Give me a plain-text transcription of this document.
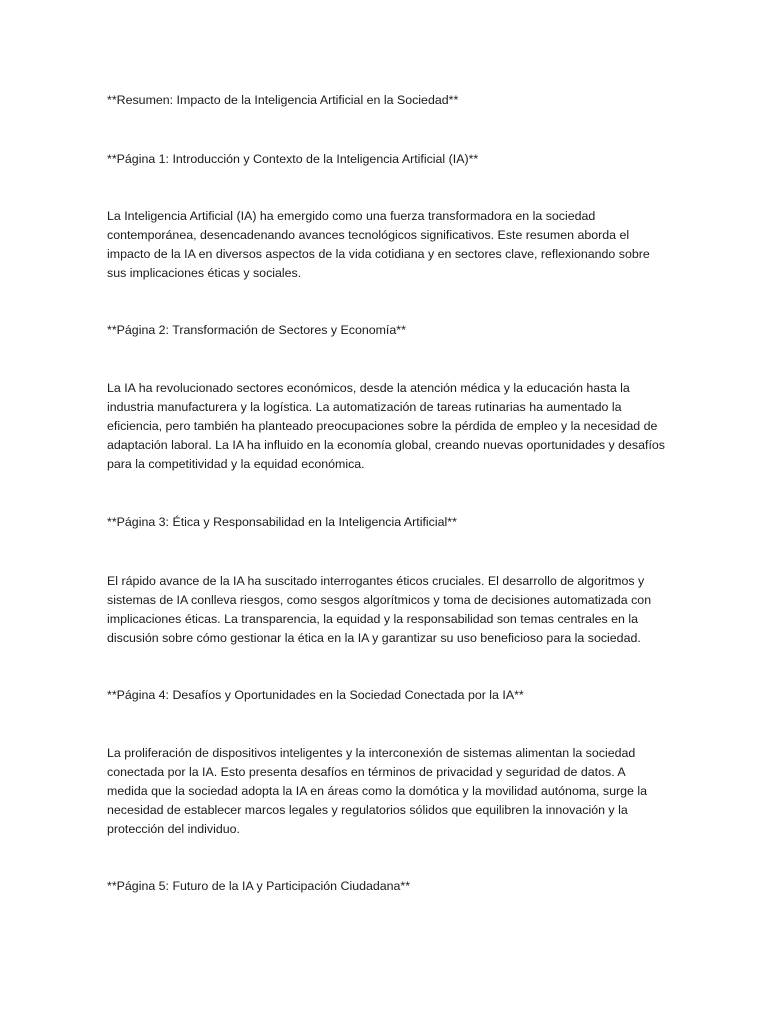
**Resumen: Impacto de la Inteligencia Artificial en la Sociedad**

**Página 1: Introducción y Contexto de la Inteligencia Artificial (IA)**

La Inteligencia Artificial (IA) ha emergido como una fuerza transformadora en la sociedad contemporánea, desencadenando avances tecnológicos significativos. Este resumen aborda el impacto de la IA en diversos aspectos de la vida cotidiana y en sectores clave, reflexionando sobre sus implicaciones éticas y sociales.

**Página 2: Transformación de Sectores y Economía**

La IA ha revolucionado sectores económicos, desde la atención médica y la educación hasta la industria manufacturera y la logística. La automatización de tareas rutinarias ha aumentado la eficiencia, pero también ha planteado preocupaciones sobre la pérdida de empleo y la necesidad de adaptación laboral. La IA ha influido en la economía global, creando nuevas oportunidades y desafíos para la competitividad y la equidad económica.

**Página 3: Ética y Responsabilidad en la Inteligencia Artificial**

El rápido avance de la IA ha suscitado interrogantes éticos cruciales. El desarrollo de algoritmos y sistemas de IA conlleva riesgos, como sesgos algorítmicos y toma de decisiones automatizada con implicaciones éticas. La transparencia, la equidad y la responsabilidad son temas centrales en la discusión sobre cómo gestionar la ética en la IA y garantizar su uso beneficioso para la sociedad.

**Página 4: Desafíos y Oportunidades en la Sociedad Conectada por la IA**

La proliferación de dispositivos inteligentes y la interconexión de sistemas alimentan la sociedad conectada por la IA. Esto presenta desafíos en términos de privacidad y seguridad de datos. A medida que la sociedad adopta la IA en áreas como la domótica y la movilidad autónoma, surge la necesidad de establecer marcos legales y regulatorios sólidos que equilibren la innovación y la protección del individuo.

**Página 5: Futuro de la IA y Participación Ciudadana**
